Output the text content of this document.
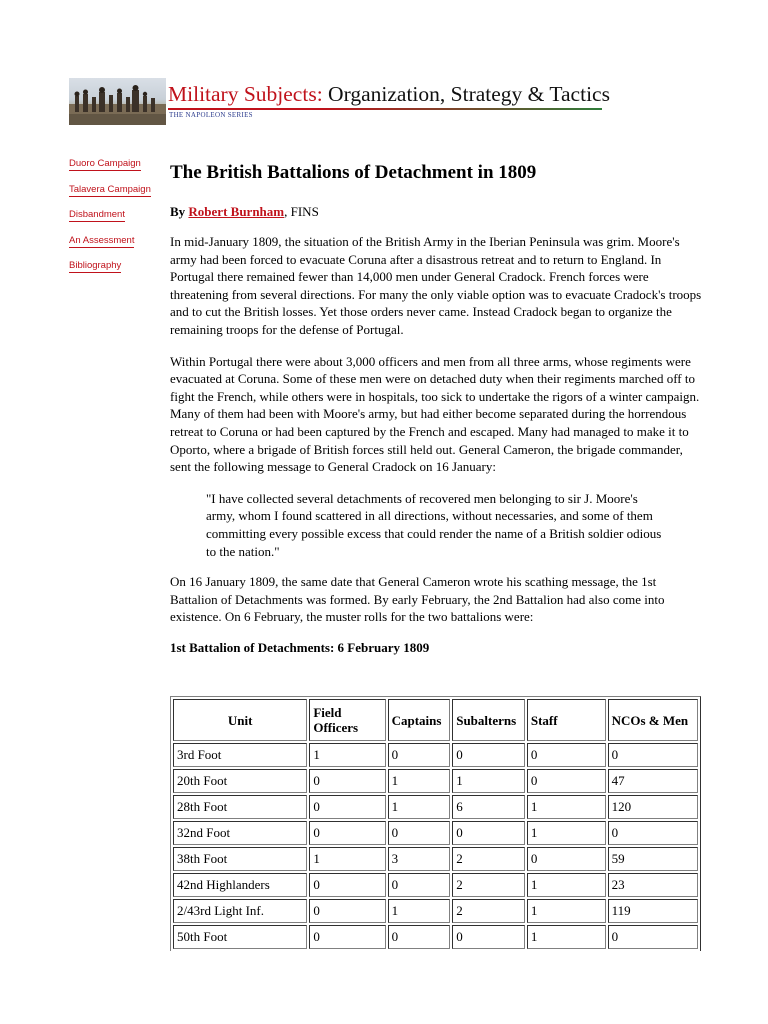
Military Subjects: Organization, Strategy & Tactics
THE NAPOLEON SERIES
Duoro Campaign
Talavera Campaign
Disbandment
An Assessment
Bibliography
The British Battalions of Detachment in 1809
By Robert Burnham, FINS

In mid-January 1809, the situation of the British Army in the Iberian Peninsula was grim. Moore's army had been forced to evacuate Coruna after a disastrous retreat and to return to England. In Portugal there remained fewer than 14,000 men under General Cradock. French forces were threatening from several directions. For many the only viable option was to evacuate Cradock's troops and to cut the British losses. Yet those orders never came. Instead Cradock began to organize the remaining troops for the defense of Portugal.

Within Portugal there were about 3,000 officers and men from all three arms, whose regiments were evacuated at Coruna. Some of these men were on detached duty when their regiments marched off to fight the French, while others were in hospitals, too sick to undertake the rigors of a winter campaign. Many of them had been with Moore's army, but had either become separated during the horrendous retreat to Coruna or had been captured by the French and escaped. Many had managed to make it to Oporto, where a brigade of British forces still held out. General Cameron, the brigade commander, sent the following message to General Cradock on 16 January:

"I have collected several detachments of recovered men belonging to sir J. Moore's army, whom I found scattered in all directions, without necessaries, and some of them committing every possible excess that could render the name of a British soldier odious to the nation."

On 16 January 1809, the same date that General Cameron wrote his scathing message, the 1st Battalion of Detachments was formed. By early February, the 2nd Battalion had also come into existence. On 6 February, the muster rolls for the two battalions were:

1st Battalion of Detachments: 6 February 1809
Unit	Field Officers	Captains	Subalterns	Staff	NCOs & Men
3rd Foot	1	0	0	0	0
20th Foot	0	1	1	0	47
28th Foot	0	1	6	1	120
32nd Foot	0	0	0	1	0
38th Foot	1	3	2	0	59
42nd Highlanders	0	0	2	1	23
2/43rd Light Inf.	0	1	2	1	119
50th Foot	0	0	0	1	0
